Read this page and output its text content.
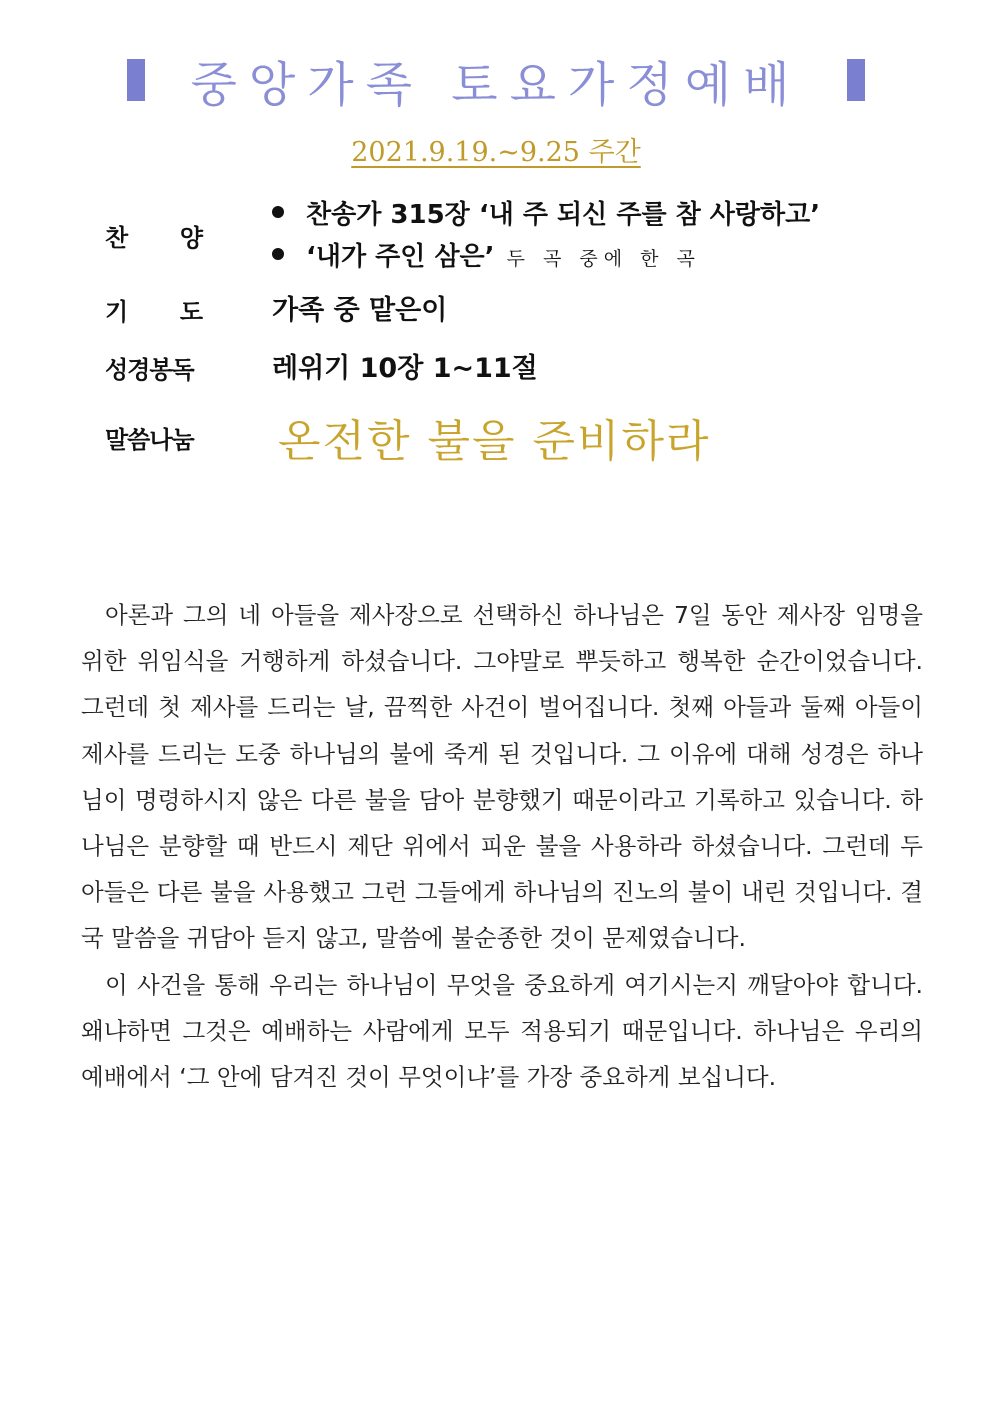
중앙가족 토요가정예배
2021.9.19.~9.25 주간
찬 양
찬송가 315장 ‘내 주 되신 주를 참 사랑하고’
‘내가 주인 삼은’ 두 곡 중에 한 곡
기 도	가족 중 맡은이
성경봉독	레위기 10장 1~11절
말씀나눔 온전한 불을 준비하라

아론과 그의 네 아들을 제사장으로 선택하신 하나님은 7일 동안 제사장 임명을 위한 위임식을 거행하게 하셨습니다. 그야말로 뿌듯하고 행복한 순간이었습니다. 그런데 첫 제사를 드리는 날, 끔찍한 사건이 벌어집니다. 첫째 아들과 둘째 아들이 제사를 드리는 도중 하나님의 불에 죽게 된 것입니다. 그 이유에 대해 성경은 하나님이 명령하시지 않은 다른 불을 담아 분향했기 때문이라고 기록하고 있습니다. 하나님은 분향할 때 반드시 제단 위에서 피운 불을 사용하라 하셨습니다. 그런데 두 아들은 다른 불을 사용했고 그런 그들에게 하나님의 진노의 불이 내린 것입니다. 결국 말씀을 귀담아 듣지 않고, 말씀에 불순종한 것이 문제였습니다.

이 사건을 통해 우리는 하나님이 무엇을 중요하게 여기시는지 깨달아야 합니다. 왜냐하면 그것은 예배하는 사람에게 모두 적용되기 때문입니다. 하나님은 우리의 예배에서 ‘그 안에 담겨진 것이 무엇이냐’를 가장 중요하게 보십니다.
